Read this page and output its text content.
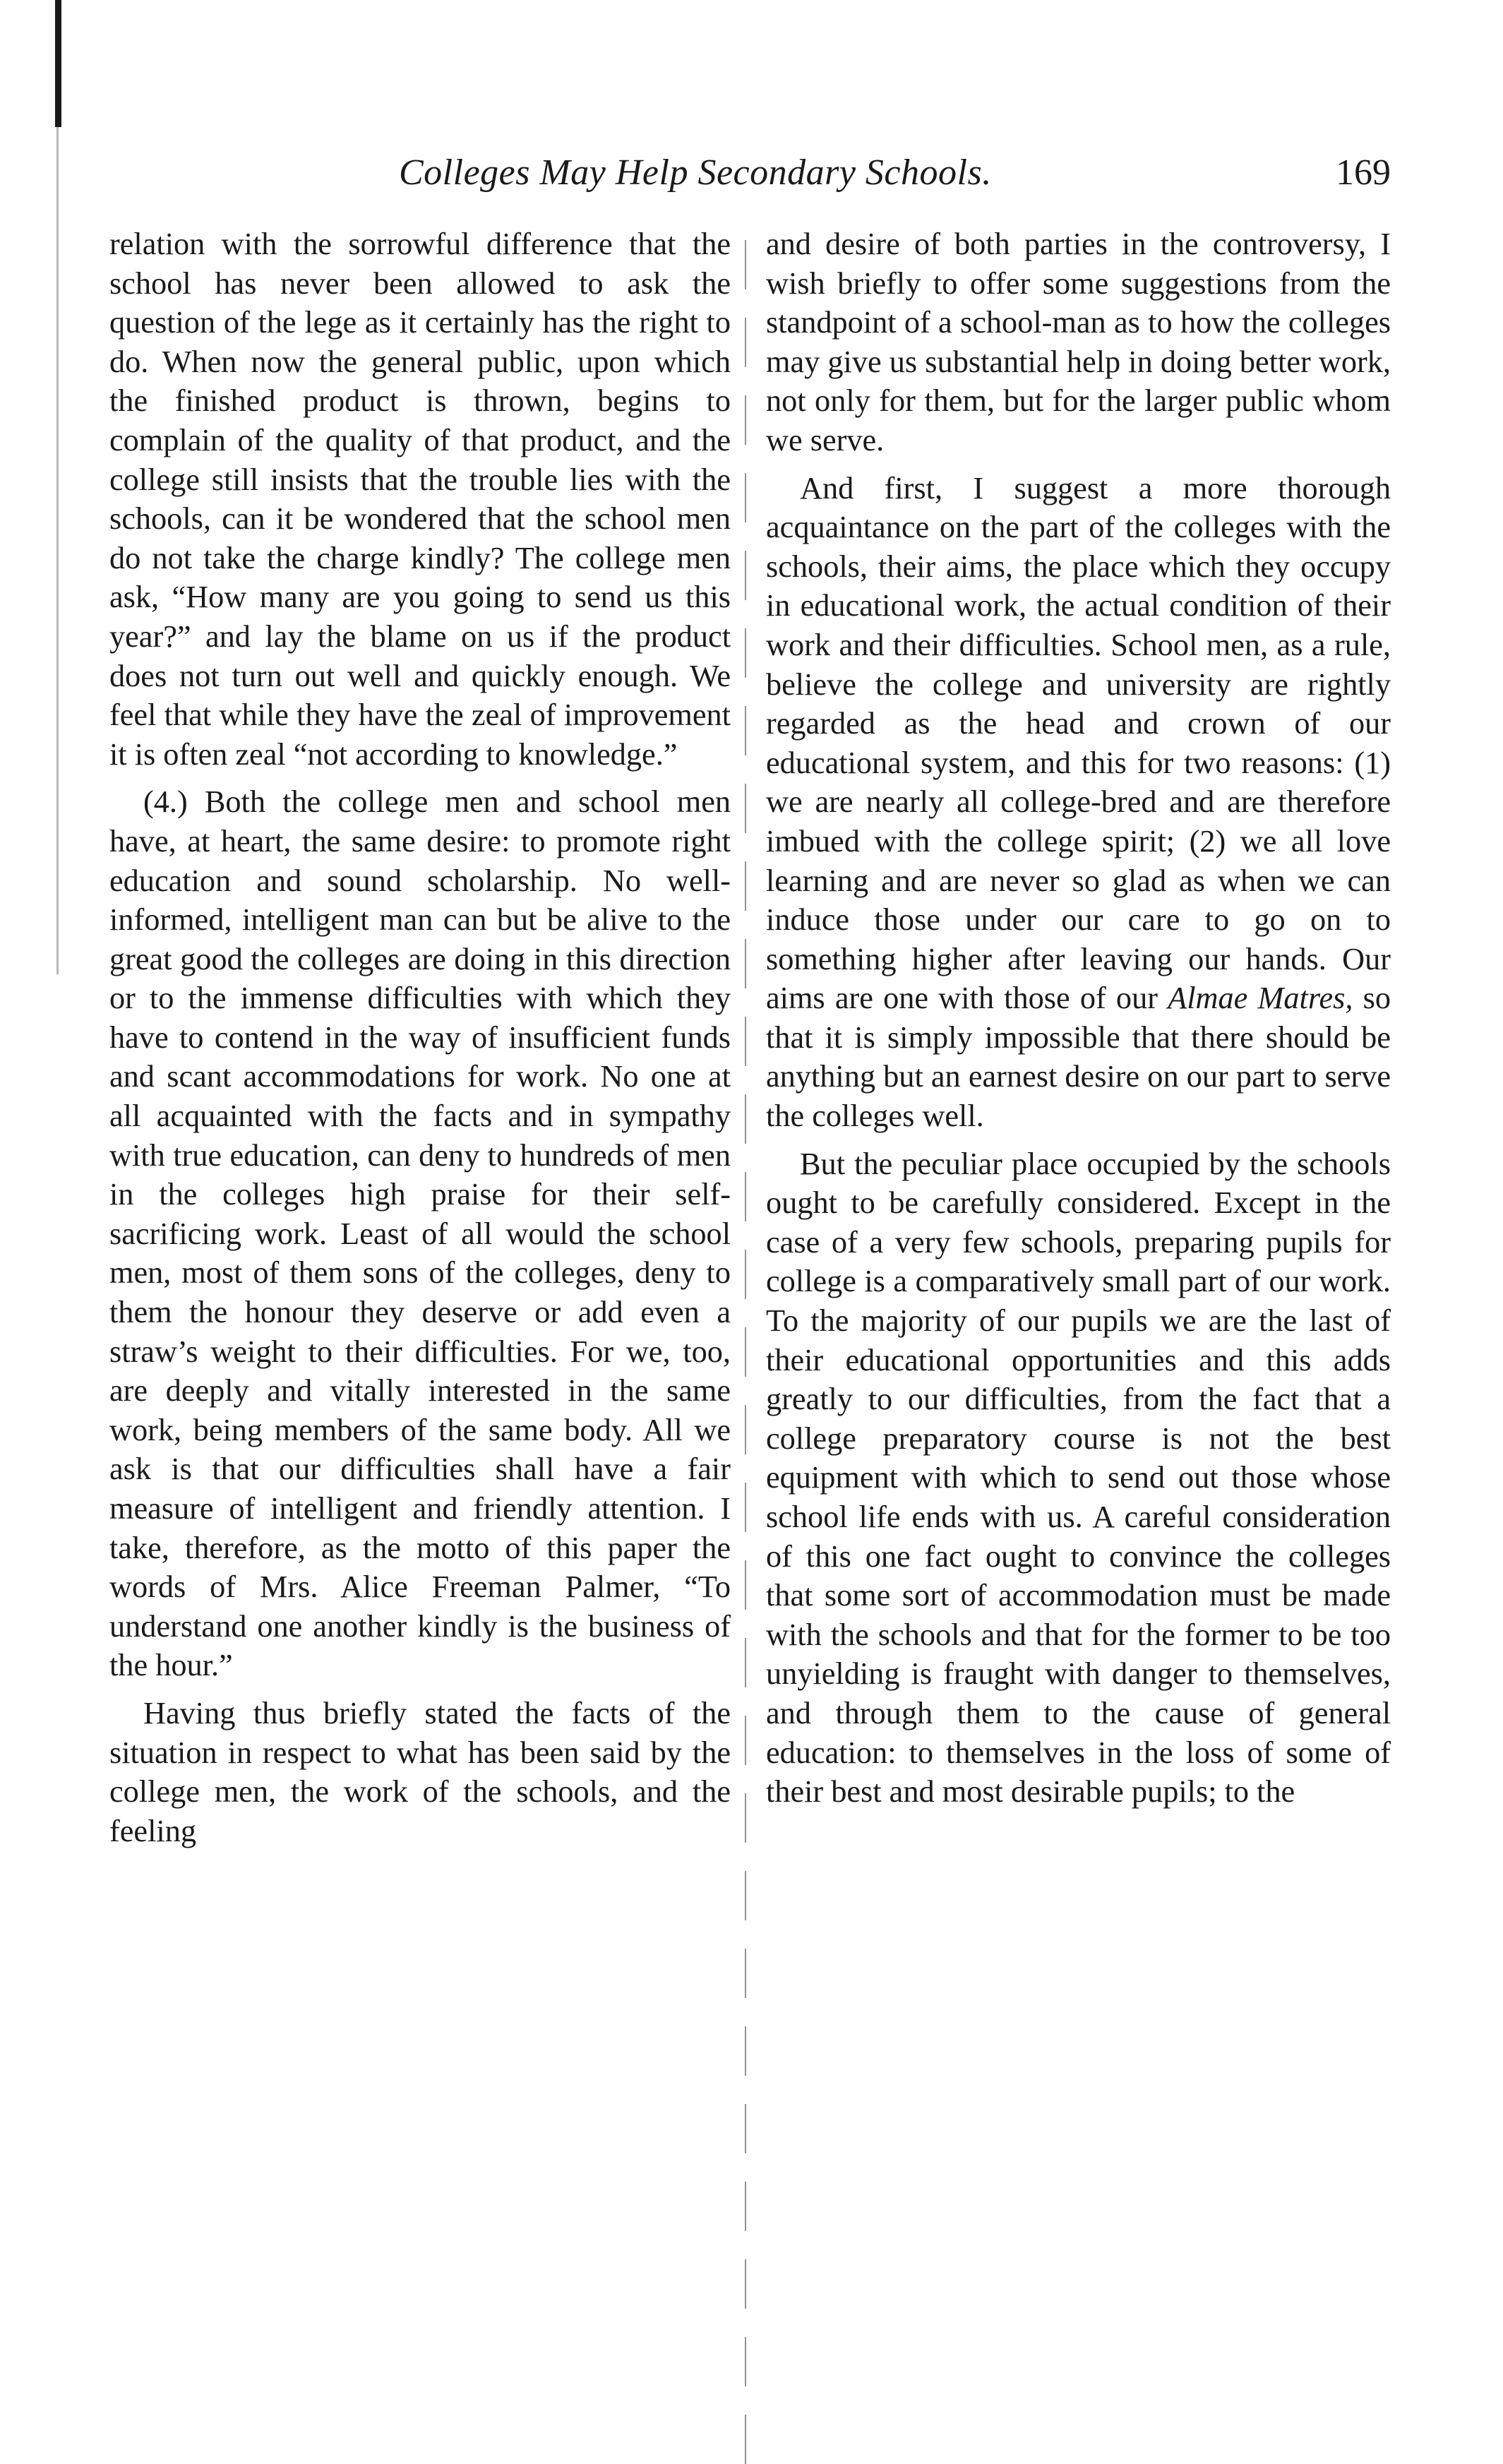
Colleges May Help Secondary Schools.	169

relation with the sorrowful difference that the school has never been allowed to ask the question of the lege as it certainly has the right to do. When now the general public, upon which the finished product is thrown, begins to complain of the quality of that product, and the college still insists that the trouble lies with the schools, can it be wondered that the school men do not take the charge kindly? The college men ask, “How many are you going to send us this year?” and lay the blame on us if the product does not turn out well and quickly enough. We feel that while they have the zeal of improvement it is often zeal “not according to knowledge.”

(4.) Both the college men and school men have, at heart, the same desire: to promote right education and sound scholarship. No well-informed, intelligent man can but be alive to the great good the colleges are doing in this direction or to the immense difficulties with which they have to contend in the way of insufficient funds and scant accommodations for work. No one at all acquainted with the facts and in sympathy with true education, can deny to hundreds of men in the colleges high praise for their self-sacrificing work. Least of all would the school men, most of them sons of the colleges, deny to them the honour they deserve or add even a straw’s weight to their difficulties. For we, too, are deeply and vitally interested in the same work, being members of the same body. All we ask is that our difficulties shall have a fair measure of intelligent and friendly attention. I take, therefore, as the motto of this paper the words of Mrs. Alice Freeman Palmer, “To understand one another kindly is the business of the hour.”

Having thus briefly stated the facts of the situation in respect to what has been said by the college men, the work of the schools, and the feeling

and desire of both parties in the controversy, I wish briefly to offer some suggestions from the standpoint of a school-man as to how the colleges may give us substantial help in doing better work, not only for them, but for the larger public whom we serve.

And first, I suggest a more thorough acquaintance on the part of the colleges with the schools, their aims, the place which they occupy in educational work, the actual condition of their work and their difficulties. School men, as a rule, believe the college and university are rightly regarded as the head and crown of our educational system, and this for two reasons: (1) we are nearly all college-bred and are therefore imbued with the college spirit; (2) we all love learning and are never so glad as when we can induce those under our care to go on to something higher after leaving our hands. Our aims are one with those of our Almae Matres, so that it is simply impossible that there should be anything but an earnest desire on our part to serve the colleges well.

But the peculiar place occupied by the schools ought to be carefully considered. Except in the case of a very few schools, preparing pupils for college is a comparatively small part of our work. To the majority of our pupils we are the last of their educational opportunities and this adds greatly to our difficulties, from the fact that a college preparatory course is not the best equipment with which to send out those whose school life ends with us. A careful consideration of this one fact ought to convince the colleges that some sort of accommodation must be made with the schools and that for the former to be too unyielding is fraught with danger to themselves, and through them to the cause of general education: to themselves in the loss of some of their best and most desirable pupils; to the
